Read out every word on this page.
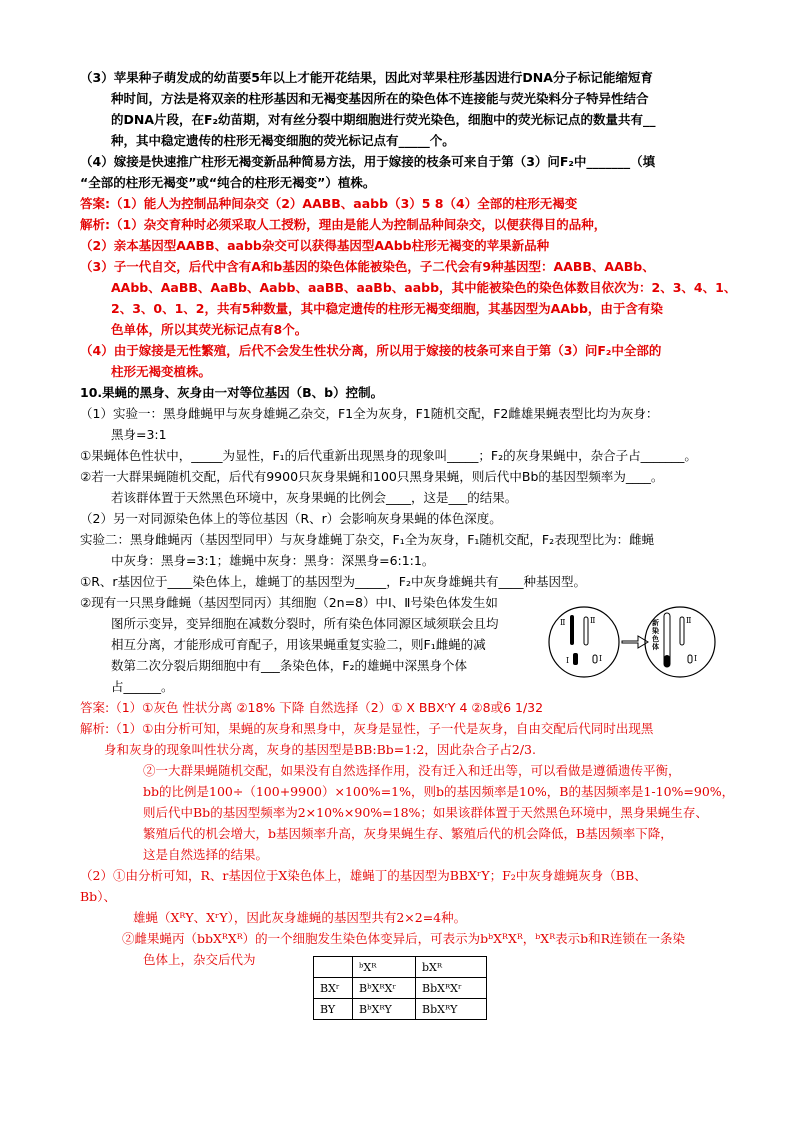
（3）苹果种子萌发成的幼苗要5年以上才能开花结果，因此对苹果柱形基因进行DNA分子标记能缩短育
种时间，方法是将双亲的柱形基因和无褐变基因所在的染色体不连接能与荧光染料分子特异性结合
的DNA片段，在F₂幼苗期，对有丝分裂中期细胞进行荧光染色，细胞中的荧光标记点的数量共有__
种，其中稳定遗传的柱形无褐变细胞的荧光标记点有_____个。
（4）嫁接是快速推广柱形无褐变新品种简易方法，用于嫁接的枝条可来自于第（3）问F₂中_______（填
“全部的柱形无褐变”或“纯合的柱形无褐变”）植株。
答案:（1）能人为控制品种间杂交（2）AABB、aabb（3）5 8（4）全部的柱形无褐变
解析:（1）杂交育种时必须采取人工授粉，理由是能人为控制品种间杂交，以便获得目的品种，
（2）亲本基因型AABB、aabb杂交可以获得基因型AAbb柱形无褐变的苹果新品种
（3）子一代自交，后代中含有A和b基因的染色体能被染色，子二代会有9种基因型：AABB、AABb、
AAbb、AaBB、AaBb、Aabb、aaBB、aaBb、aabb，其中能被染色的染色体数目依次为：2、3、4、1、
2、3、0、1、2，共有5种数量，其中稳定遗传的柱形无褐变细胞，其基因型为AAbb，由于含有染
色单体，所以其荧光标记点有8个。
（4）由于嫁接是无性繁殖，后代不会发生性状分离，所以用于嫁接的枝条可来自于第（3）问F₂中全部的
柱形无褐变植株。
10.果蝇的黑身、灰身由一对等位基因（B、b）控制。
（1）实验一：黑身雌蝇甲与灰身雄蝇乙杂交，F1全为灰身，F1随机交配，F2雌雄果蝇表型比均为灰身：
黑身=3:1
①果蝇体色性状中，_____为显性，F₁的后代重新出现黑身的现象叫_____；F₂的灰身果蝇中，杂合子占_______。
②若一大群果蝇随机交配，后代有9900只灰身果蝇和100只黑身果蝇，则后代中Bb的基因型频率为____。
若该群体置于天然黑色环境中，灰身果蝇的比例会____，这是___的结果。
（2）另一对同源染色体上的等位基因（R、r）会影响灰身果蝇的体色深度。
实验二：黑身雌蝇丙（基因型同甲）与灰身雄蝇丁杂交，F₁全为灰身，F₁随机交配，F₂表现型比为：雌蝇
中灰身：黑身=3:1；雄蝇中灰身：黑身：深黑身=6:1:1。
①R、r基因位于____染色体上，雄蝇丁的基因型为_____，F₂中灰身雄蝇共有____种基因型。
②现有一只黑身雌蝇（基因型同丙）其细胞（2n=8）中Ⅰ、Ⅱ号染色体发生如
图所示变异，变异细胞在减数分裂时，所有染色体同源区域须联会且均
相互分离，才能形成可育配子，用该果蝇重复实验二，则F₁雌蝇的减
数第二次分裂后期细胞中有___条染色体，F₂的雄蝇中深黑身个体
占______。
答案:（1）①灰色 性状分离 ②18% 下降 自然选择（2）① X BBXʳY 4 ②8或6 1/32
解析:（1）①由分析可知，果蝇的灰身和黑身中，灰身是显性，子一代是灰身，自由交配后代同时出现黑
身和灰身的现象叫性状分离，灰身的基因型是BB:Bb=1:2，因此杂合子占2/3.
②一大群果蝇随机交配，如果没有自然选择作用，没有迁入和迁出等，可以看做是遵循遗传平衡，
bb的比例是100÷（100+9900）×100%=1%，则b的基因频率是10%，B的基因频率是1-10%=90%，
则后代中Bb的基因型频率为2×10%×90%=18%；如果该群体置于天然黑色环境中，黑身果蝇生存、
繁殖后代的机会增大，b基因频率升高，灰身果蝇生存、繁殖后代的机会降低，B基因频率下降，
这是自然选择的结果。
（2）①由分析可知，R、r基因位于X染色体上，雄蝇丁的基因型为BBXʳY；F₂中灰身雄蝇灰身（BB、
Bb）、
雄蝇（XᴿY、XʳY），因此灰身雄蝇的基因型共有2×2=4种。
②雌果蝇丙（bbXᴿXᴿ）的一个细胞发生染色体变异后，可表示为bᵇXᴿXᴿ，ᵇXᴿ表示b和R连锁在一条染
色体上，杂交后代为
Ⅱ	Ⅱ
Ⅰ	Ⅰ
新染色体
Ⅱ
Ⅰ
	ᵇXᴿ	bXᴿ
BXʳ	BᵇXᴿXʳ	BbXᴿXʳ
BY	BᵇXᴿY	BbXᴿY
